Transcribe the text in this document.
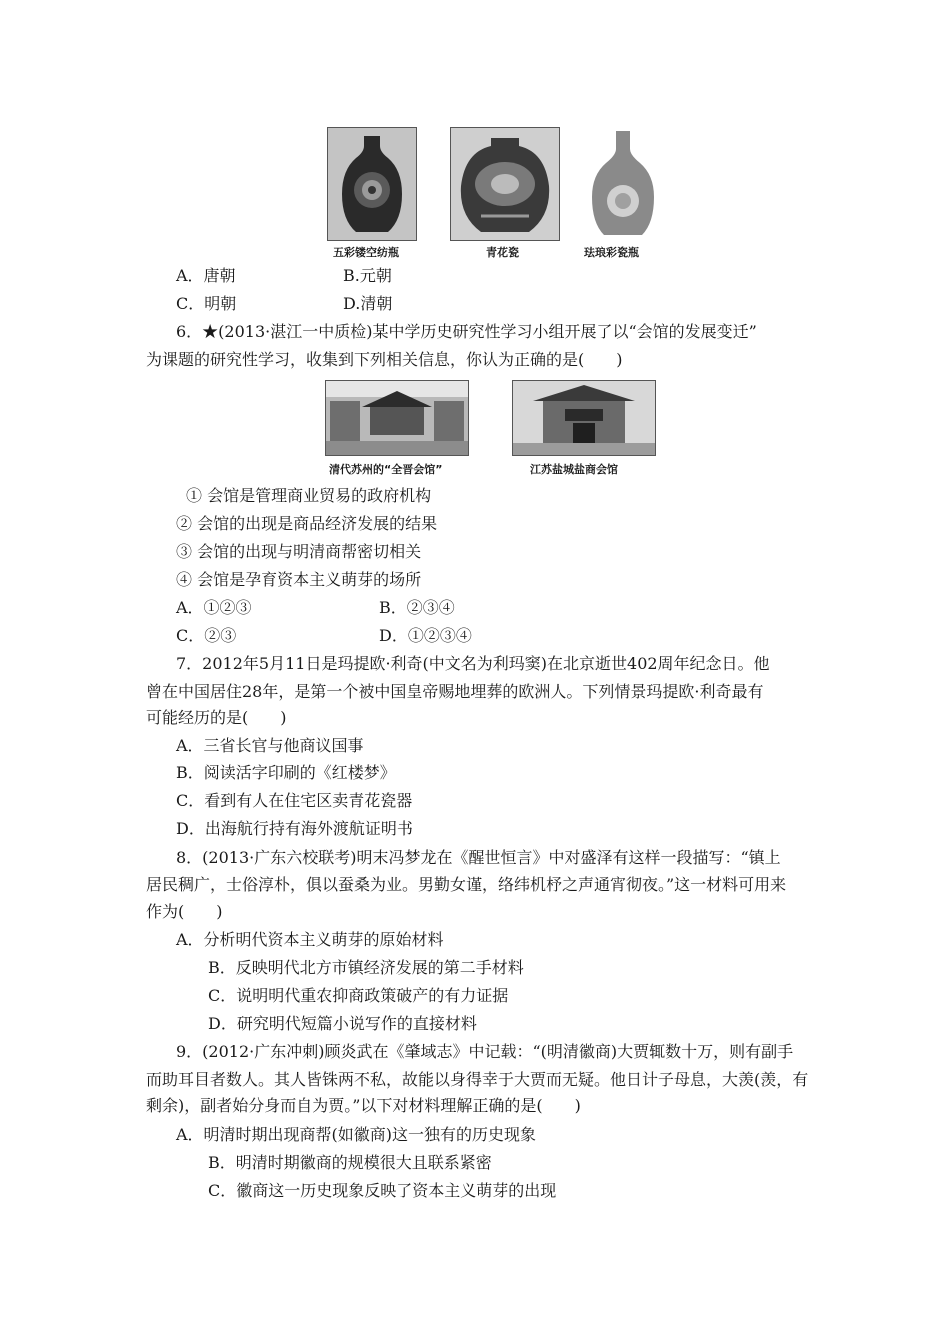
五彩镂空纺瓶	青花瓷	珐琅彩瓷瓶
A．唐朝	B.元朝
C．明朝	D.清朝
6．★(2013·湛江一中质检)某中学历史研究性学习小组开展了以“会馆的发展变迁”
为课题的研究性学习，收集到下列相关信息，你认为正确的是(　　)
清代苏州的“全晋会馆”	江苏盐城盐商会馆
① 会馆是管理商业贸易的政府机构
② 会馆的出现是商品经济发展的结果
③ 会馆的出现与明清商帮密切相关
④ 会馆是孕育资本主义萌芽的场所
A．①②③	B．②③④
C．②③	D．①②③④
7．2012年5月11日是玛提欧·利奇(中文名为利玛窦)在北京逝世402周年纪念日。他
曾在中国居住28年，是第一个被中国皇帝赐地埋葬的欧洲人。下列情景玛提欧·利奇最有
可能经历的是(　　)
A．三省长官与他商议国事
B．阅读活字印刷的《红楼梦》
C．看到有人在住宅区卖青花瓷器
D．出海航行持有海外渡航证明书
8．(2013·广东六校联考)明末冯梦龙在《醒世恒言》中对盛泽有这样一段描写：“镇上
居民稠广，士俗淳朴，俱以蚕桑为业。男勤女谨，络纬机杼之声通宵彻夜。”这一材料可用来
作为(　　)
A．分析明代资本主义萌芽的原始材料
B．反映明代北方市镇经济发展的第二手材料
C．说明明代重农抑商政策破产的有力证据
D．研究明代短篇小说写作的直接材料
9．(2012·广东冲刺)顾炎武在《肇域志》中记载：“(明清徽商)大贾辄数十万，则有副手
而助耳目者数人。其人皆铢两不私，故能以身得幸于大贾而无疑。他日计子母息，大羡(羡，有
剩余)，副者始分身而自为贾。”以下对材料理解正确的是(　　)
A．明清时期出现商帮(如徽商)这一独有的历史现象
B．明清时期徽商的规模很大且联系紧密
C．徽商这一历史现象反映了资本主义萌芽的出现
